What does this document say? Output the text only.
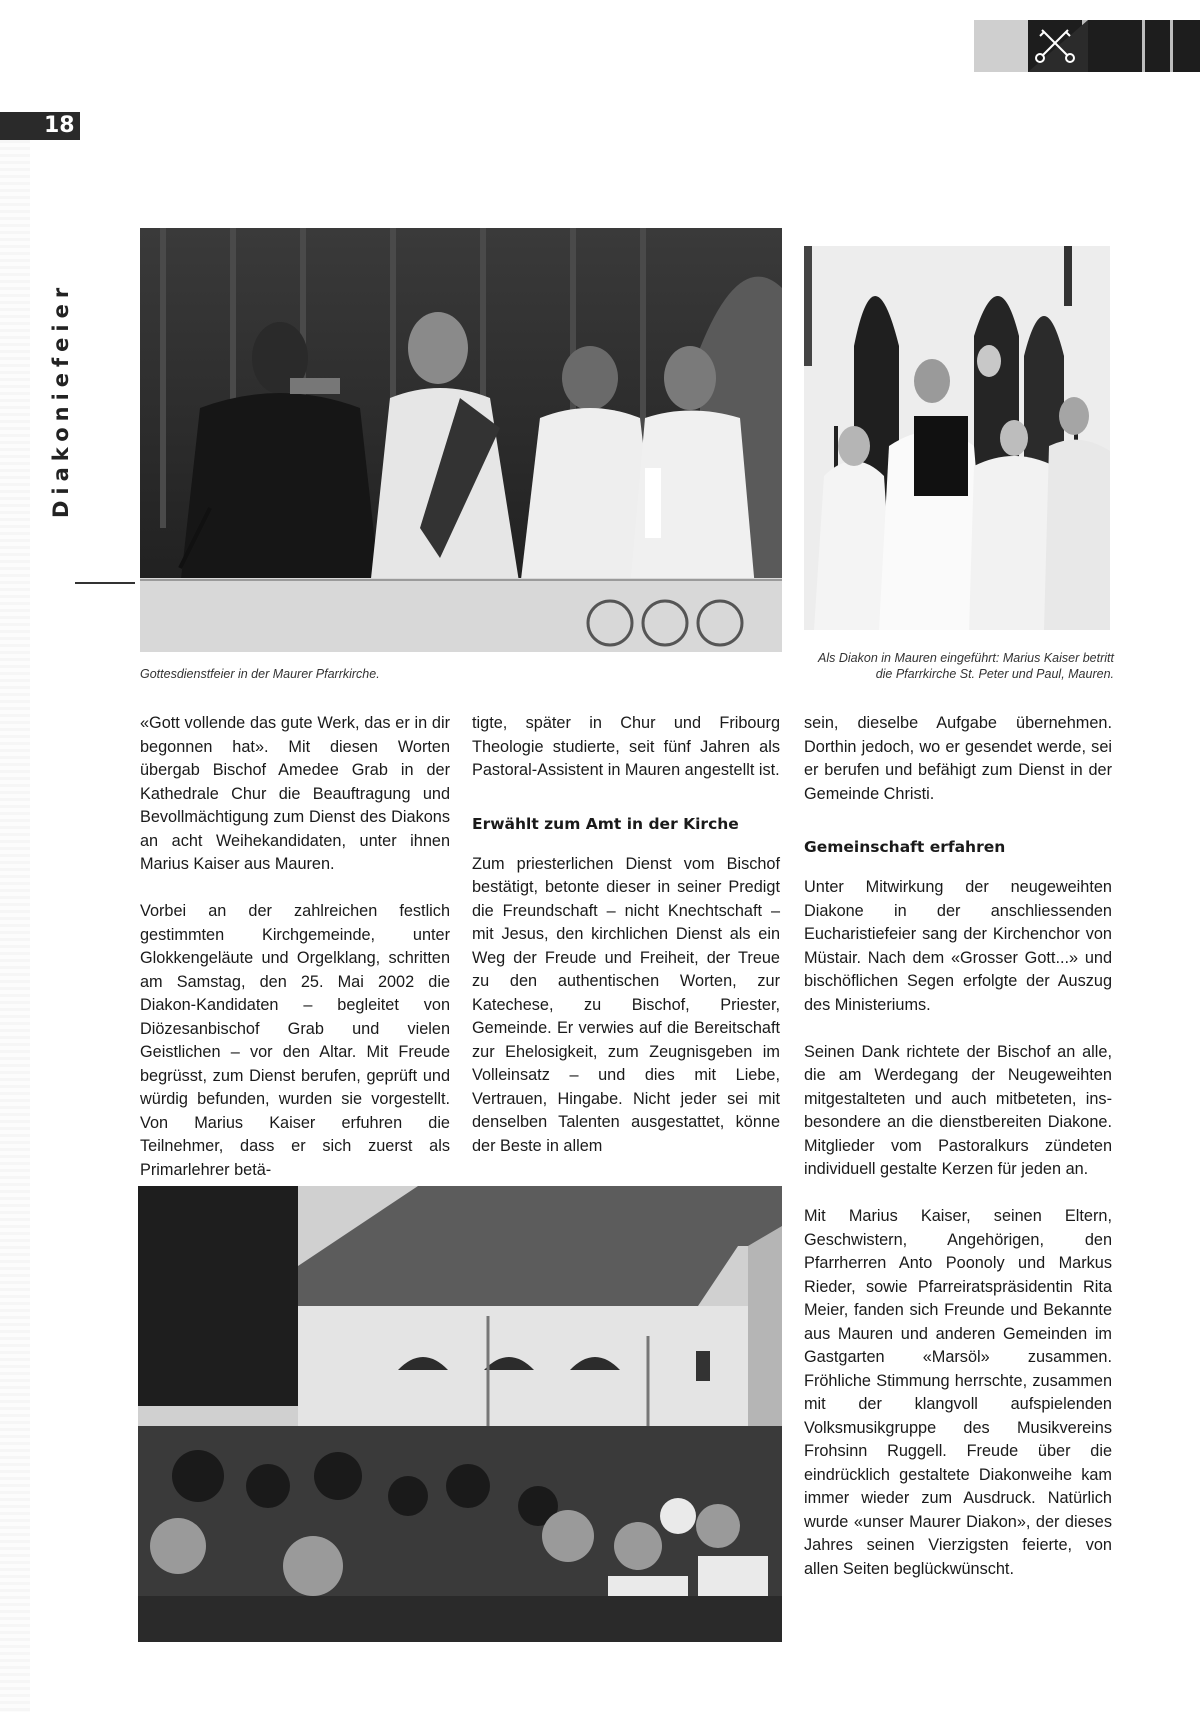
18
Diakoniefeier
Gottesdienstfeier in der Maurer Pfarrkirche.
Als Diakon in Mauren eingeführt: Marius Kaiser betritt die Pfarrkirche St. Peter und Paul, Mauren.

«Gott vollende das gute Werk, das er in dir begonnen hat». Mit diesen Worten übergab Bischof Amedee Grab in der Kathedrale Chur die Beauftragung und Bevollmächtigung zum Dienst des Diakons an acht Weihekandidaten, unter ihnen Marius Kaiser aus Mauren.

Vorbei an der zahlreichen festlich gestimmten Kirchgemeinde, unter Glokkengeläute und Orgelklang, schritten am Samstag, den 25. Mai 2002 die Diakon-Kandidaten – begleitet von Diözesanbischof Grab und vielen Geistlichen – vor den Altar. Mit Freude begrüsst, zum Dienst berufen, geprüft und würdig befunden, wurden sie vorgestellt. Von Marius Kaiser erfuhren die Teilnehmer, dass er sich zuerst als Primarlehrer betä-

tigte, später in Chur und Fribourg Theologie studierte, seit fünf Jahren als Pastoral-Assistent in Mauren angestellt ist.

Erwählt zum Amt in der Kirche

Zum priesterlichen Dienst vom Bischof bestätigt, betonte dieser in seiner Predigt die Freundschaft – nicht Knechtschaft – mit Jesus, den kirchlichen Dienst als ein Weg der Freude und Freiheit, der Treue zu den authentischen Worten, zur Katechese, zu Bischof, Priester, Gemeinde. Er verwies auf die Bereitschaft zur Ehelosigkeit, zum Zeugnisgeben im Volleinsatz – und dies mit Liebe, Vertrauen, Hingabe. Nicht jeder sei mit denselben Talenten ausgestattet, könne der Beste in allem

sein, dieselbe Aufgabe übernehmen. Dorthin jedoch, wo er gesendet werde, sei er berufen und befähigt zum Dienst in der Gemeinde Christi.

Gemeinschaft erfahren

Unter Mitwirkung der neugeweihten Diakone in der anschliessenden Eucharistiefeier sang der Kirchenchor von Müstair. Nach dem «Grosser Gott...» und bischöflichen Segen erfolgte der Auszug des Ministeriums.

Seinen Dank richtete der Bischof an alle, die am Werdegang der Neugeweihten mitgestalteten und auch mitbeteten, ins- besondere an die dienstbereiten Diakone. Mitglieder vom Pastoralkurs zündeten individuell gestalte Kerzen für jeden an.

Mit Marius Kaiser, seinen Eltern, Geschwistern, Angehörigen, den Pfarrherren Anto Poonoly und Markus Rieder, sowie Pfarreiratspräsidentin Rita Meier, fanden sich Freunde und Bekannte aus Mauren und anderen Gemeinden im Gastgarten «Marsöl» zusammen. Fröhliche Stimmung herrschte, zusammen mit der klangvoll aufspielenden Volksmusikgruppe des Musikvereins Frohsinn Ruggell. Freude über die eindrücklich gestaltete Diakonweihe kam immer wieder zum Ausdruck. Natürlich wurde «unser Maurer Diakon», der dieses Jahres seinen Vierzigsten feierte, von allen Seiten beglückwünscht.
